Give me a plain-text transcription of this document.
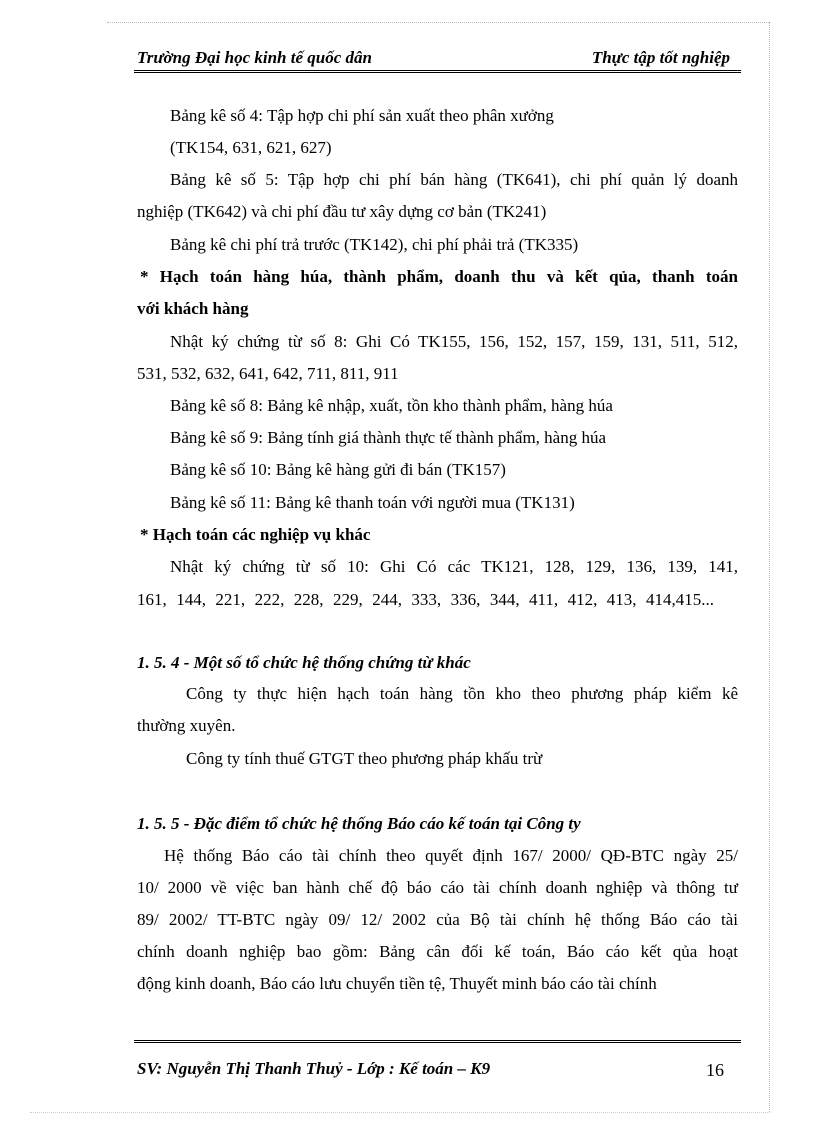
Trường Đại học kinh tế quốc dân	Thực tập tốt nghiệp
Bảng kê số 4: Tập hợp chi phí sản xuất theo phân xưởng
(TK154, 631, 621, 627)
Bảng kê số 5: Tập hợp chi phí bán hàng (TK641), chi phí quản lý doanh
nghiệp (TK642) và chi phí đầu tư xây dựng cơ bản (TK241)
Bảng kê chi phí trả trước (TK142), chi phí phải trả (TK335)
* Hạch toán hàng húa, thành phẩm, doanh thu và kết qủa, thanh toán
với khách hàng
Nhật ký chứng từ số 8: Ghi Có TK155, 156, 152, 157, 159, 131, 511, 512,
531, 532, 632, 641, 642, 711, 811, 911
Bảng kê số 8: Bảng kê nhập, xuất, tồn kho thành phẩm, hàng húa
Bảng kê số 9: Bảng tính giá thành thực tế thành phẩm, hàng húa
Bảng kê số 10: Bảng kê hàng gửi đi bán (TK157)
Bảng kê số 11: Bảng kê thanh toán với người mua (TK131)
* Hạch toán các nghiệp vụ khác
Nhật ký chứng từ số 10: Ghi Có các TK121, 128, 129, 136, 139, 141,
161, 144, 221, 222, 228, 229, 244, 333, 336, 344, 411, 412, 413, 414,415...
1. 5. 4 - Một số tổ chức hệ thống chứng từ khác
Công ty thực hiện hạch toán hàng tồn kho theo phương pháp kiểm kê
thường xuyên.
Công ty tính thuế GTGT theo phương pháp khấu trừ
1. 5. 5 - Đặc điểm tổ chức hệ thống Báo cáo kế toán tại Công ty
Hệ thống Báo cáo tài chính theo quyết định 167/ 2000/ QĐ-BTC ngày 25/
10/ 2000 về việc ban hành chế độ báo cáo tài chính doanh nghiệp và thông tư
89/ 2002/ TT-BTC ngày 09/ 12/ 2002 của Bộ tài chính hệ thống Báo cáo tài
chính doanh nghiệp bao gồm: Bảng cân đối kế toán, Báo cáo kết qủa hoạt
động kinh doanh, Báo cáo lưu chuyển tiền tệ, Thuyết minh báo cáo tài chính
SV: Nguyễn Thị Thanh Thuỷ - Lớp : Kế toán – K9	16
